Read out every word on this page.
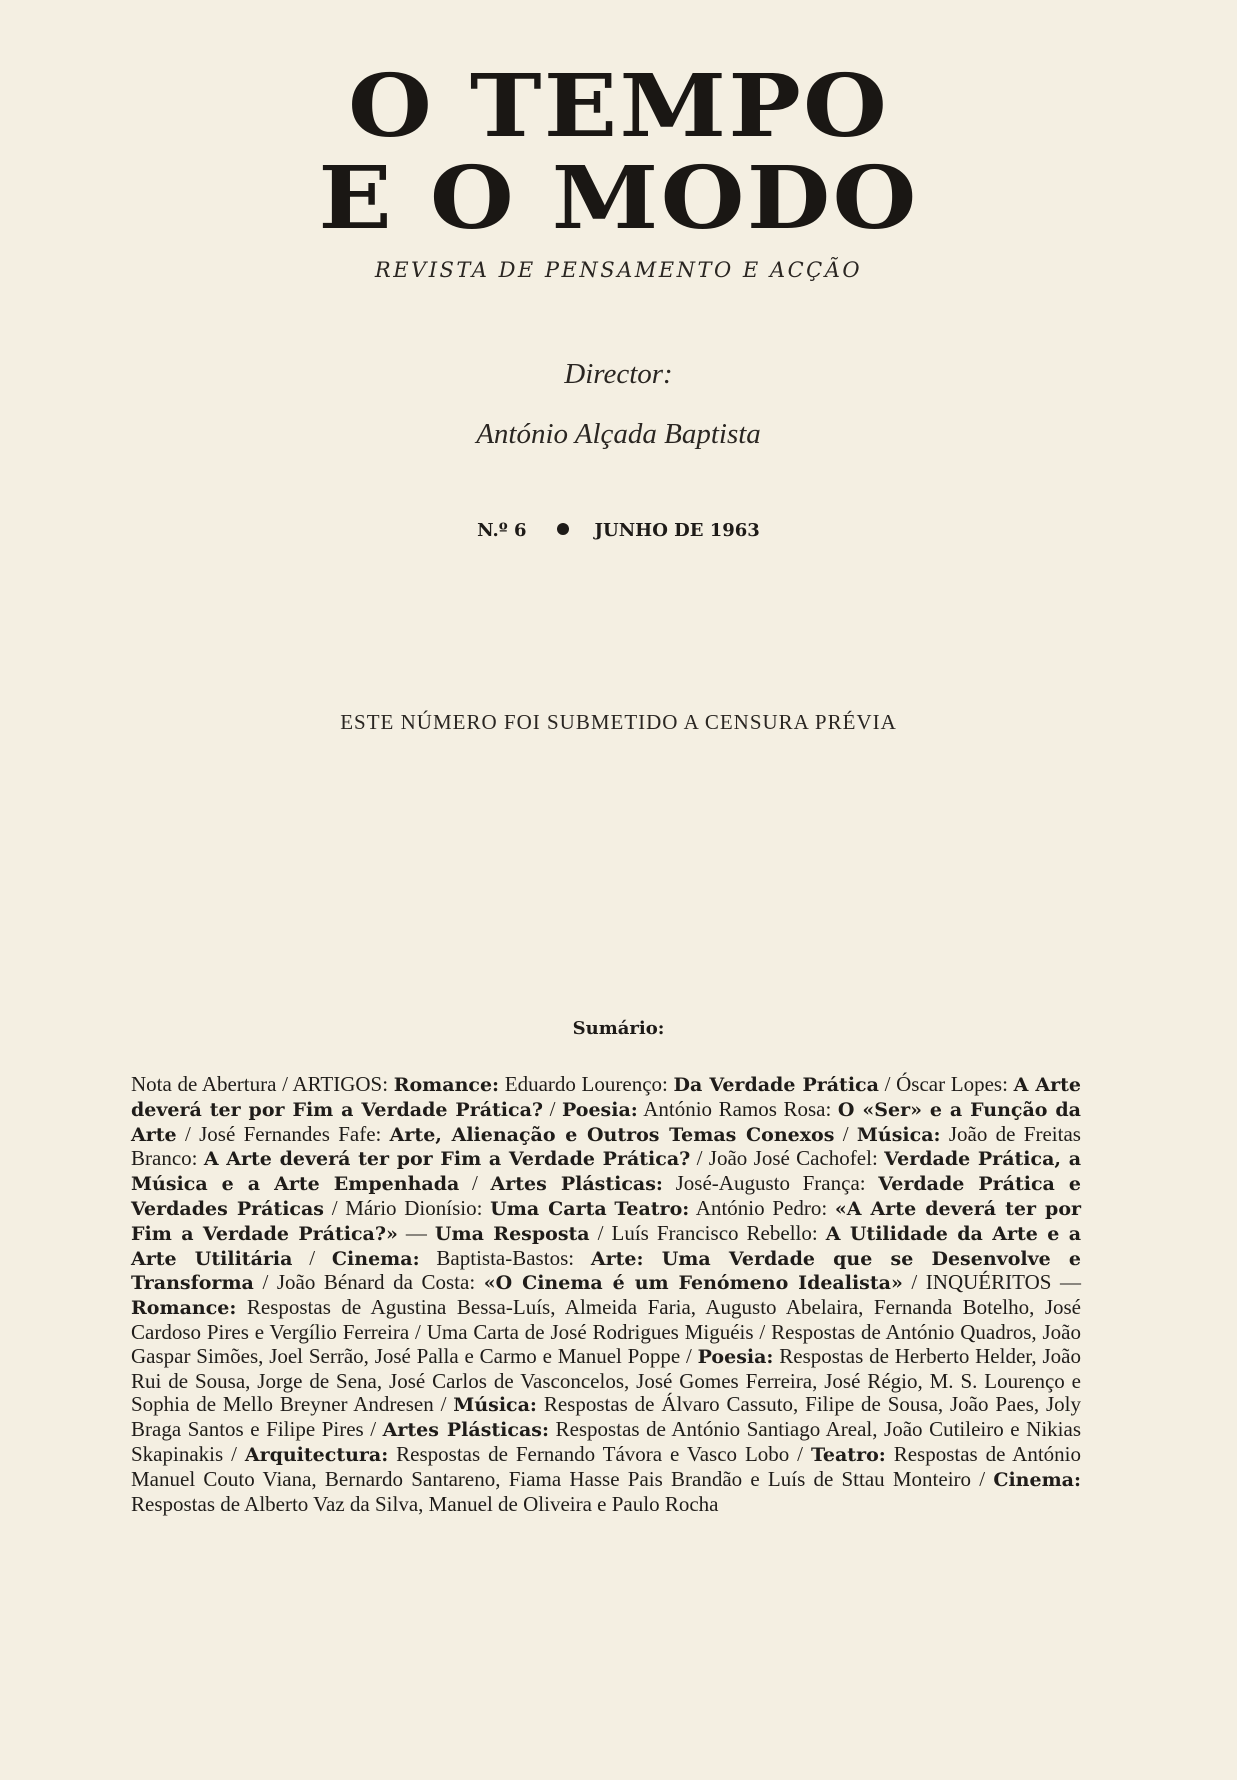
O TEMPO
E O MODO
REVISTA DE PENSAMENTO E ACÇÃO
Director:
António Alçada Baptista
N.º 6	JUNHO DE 1963
ESTE NÚMERO FOI SUBMETIDO A CENSURA PRÉVIA
Sumário:
Nota de Abertura / ARTIGOS: Romance: Eduardo Lourenço: Da Verdade Prática / Óscar Lopes: A Arte deverá ter por Fim a Verdade Prática? / Poesia: António Ramos Rosa: O «Ser» e a Função da Arte / José Fernandes Fafe: Arte, Alienação e Outros Temas Conexos / Música: João de Freitas Branco: A Arte deverá ter por Fim a Verdade Prática? / João José Cachofel: Verdade Prática, a Música e a Arte Empenhada / Artes Plásticas: José-Augusto França: Verdade Prática e Verdades Práticas / Mário Dionísio: Uma Carta Teatro: António Pedro: «A Arte deverá ter por Fim a Verdade Prática?» — Uma Resposta / Luís Francisco Rebello: A Utilidade da Arte e a Arte Utilitária / Cinema: Baptista-Bastos: Arte: Uma Verdade que se Desenvolve e Transforma / João Bénard da Costa: «O Cinema é um Fenómeno Idealista» / INQUÉRITOS — Romance: Respostas de Agustina Bessa-Luís, Almeida Faria, Augusto Abelaira, Fernanda Botelho, José Cardoso Pires e Vergílio Ferreira / Uma Carta de José Rodrigues Miguéis / Respostas de António Quadros, João Gaspar Simões, Joel Serrão, José Palla e Carmo e Manuel Poppe / Poesia: Respostas de Herberto Helder, João Rui de Sousa, Jorge de Sena, José Carlos de Vasconcelos, José Gomes Ferreira, José Régio, M. S. Lourenço e Sophia de Mello Breyner Andresen / Música: Respostas de Álvaro Cassuto, Filipe de Sousa, João Paes, Joly Braga Santos e Filipe Pires / Artes Plásticas: Respostas de António Santiago Areal, João Cutileiro e Nikias Skapinakis / Arquitectura: Respostas de Fernando Távora e Vasco Lobo / Teatro: Respostas de António Manuel Couto Viana, Bernardo Santareno, Fiama Hasse Pais Brandão e Luís de Sttau Monteiro / Cinema: Respostas de Alberto Vaz da Silva, Manuel de Oliveira e Paulo Rocha
